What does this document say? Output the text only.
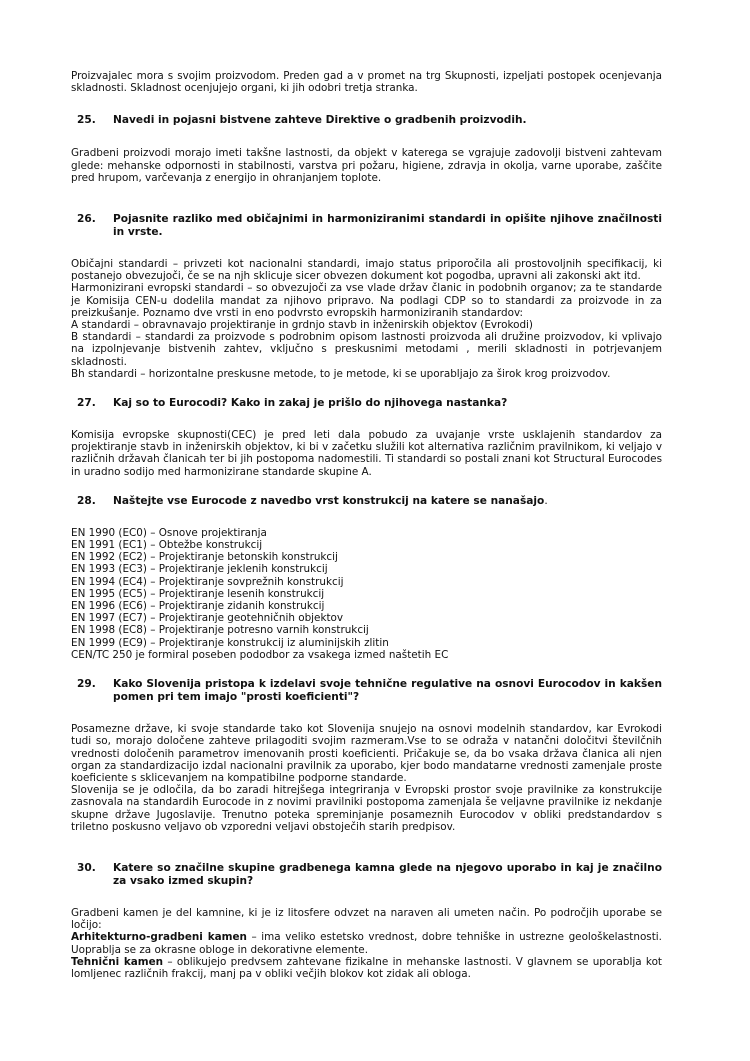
Proizvajalec mora s svojim proizvodom. Preden gad a v promet na trg Skupnosti, izpeljati postopek ocenjevanja skladnosti. Skladnost ocenjujejo organi, ki jih odobri tretja stranka.

25.	Navedi in pojasni bistvene zahteve Direktive o gradbenih proizvodih.

Gradbeni proizvodi morajo imeti takšne lastnosti, da objekt v katerega se vgrajuje zadovolji bistveni zahtevam glede: mehanske odpornosti in stabilnosti, varstva pri požaru, higiene, zdravja in okolja, varne uporabe, zaščite pred hrupom, varčevanja z energijo in ohranjanjem toplote.

26.	Pojasnite razliko med običajnimi in harmoniziranimi standardi in opišite njihove značilnosti in vrste.

Običajni standardi – privzeti kot nacionalni standardi, imajo status priporočila ali prostovoljnih specifikacij, ki postanejo obvezujoči, če se na njh sklicuje sicer obvezen dokument kot pogodba, upravni ali zakonski akt itd.

Harmonizirani evropski standardi – so obvezujoči za vse vlade držav članic in podobnih organov; za te standarde je Komisija CEN-u dodelila mandat za njihovo pripravo. Na podlagi CDP so to standardi za proizvode in za preizkušanje. Poznamo dve vrsti in eno podvrsto evropskih harmoniziranih standardov:

A standardi – obravnavajo projektiranje in grdnjo stavb in inženirskih objektov (Evrokodi)

B standardi – standardi za proizvode s podrobnim opisom lastnosti proizvoda ali družine proizvodov, ki vplivajo na izpolnjevanje bistvenih zahtev, vključno s preskusnimi metodami , merili skladnosti in potrjevanjem skladnosti.

Bh standardi – horizontalne preskusne metode, to je metode, ki se uporabljajo za širok krog proizvodov.

27.	Kaj so to Eurocodi? Kako in zakaj je prišlo do njihovega nastanka?

Komisija evropske skupnosti(CEC) je pred leti dala pobudo za uvajanje vrste usklajenih standardov za projektiranje stavb in inženirskih objektov, ki bi v začetku služili kot alternativa različnim pravilnikom, ki veljajo v različnih državah članicah ter bi jih postopoma nadomestili. Ti standardi so postali znani kot Structural Eurocodes in uradno sodijo med harmonizirane standarde skupine A.

28.	Naštejte vse Eurocode z navedbo vrst konstrukcij na katere se nanašajo.
EN 1990 (EC0) – Osnove projektiranja
EN 1991 (EC1) – Obtežbe konstrukcij
EN 1992 (EC2) – Projektiranje betonskih konstrukcij
EN 1993 (EC3) – Projektiranje jeklenih konstrukcij
EN 1994 (EC4) – Projektiranje sovprežnih konstrukcij
EN 1995 (EC5) – Projektiranje lesenih konstrukcij
EN 1996 (EC6) – Projektiranje zidanih konstrukcij
EN 1997 (EC7) – Projektiranje geotehničnih objektov
EN 1998 (EC8) – Projektiranje potresno varnih konstrukcij
EN 1999 (EC9) – Projektiranje konstrukcij iz aluminijskih zlitin
CEN/TC 250 je formiral poseben pododbor za vsakega izmed naštetih EC
29.	Kako Slovenija pristopa k izdelavi svoje tehnične regulative na osnovi Eurocodov in kakšen pomen pri tem imajo "prosti koeficienti"?

Posamezne države, ki svoje standarde tako kot Slovenija snujejo na osnovi modelnih standardov, kar Evrokodi tudi so, morajo določene zahteve prilagoditi svojim razmeram.Vse to se odraža v natančni določitvi številčnih vrednosti določenih parametrov imenovanih prosti koeficienti. Pričakuje se, da bo vsaka država članica ali njen organ za standardizacijo izdal nacionalni pravilnik za uporabo, kjer bodo mandatarne vrednosti zamenjale proste koeficiente s sklicevanjem na kompatibilne podporne standarde.

Slovenija se je odločila, da bo zaradi hitrejšega integriranja v Evropski prostor svoje pravilnike za konstrukcije zasnovala na standardih Eurocode in z novimi pravilniki postopoma zamenjala še veljavne pravilnike iz nekdanje skupne države Jugoslavije. Trenutno poteka spreminjanje posameznih Eurocodov v obliki predstandardov s triletno poskusno veljavo ob vzporedni veljavi obstoječih starih predpisov.

30.	Katere so značilne skupine gradbenega kamna glede na njegovo uporabo in kaj je značilno za vsako izmed skupin?

Gradbeni kamen je del kamnine, ki je iz litosfere odvzet na naraven ali umeten način. Po področjih uporabe se ločijo:

Arhitekturno-gradbeni kamen – ima veliko estetsko vrednost, dobre tehniške in ustrezne geološkelastnosti. Uoprablja se za okrasne obloge in dekorativne elemente.

Tehnični kamen – oblikujejo predvsem zahtevane fizikalne in mehanske lastnosti. V glavnem se uporablja kot lomljenec različnih frakcij, manj pa v obliki večjih blokov kot zidak ali obloga.
